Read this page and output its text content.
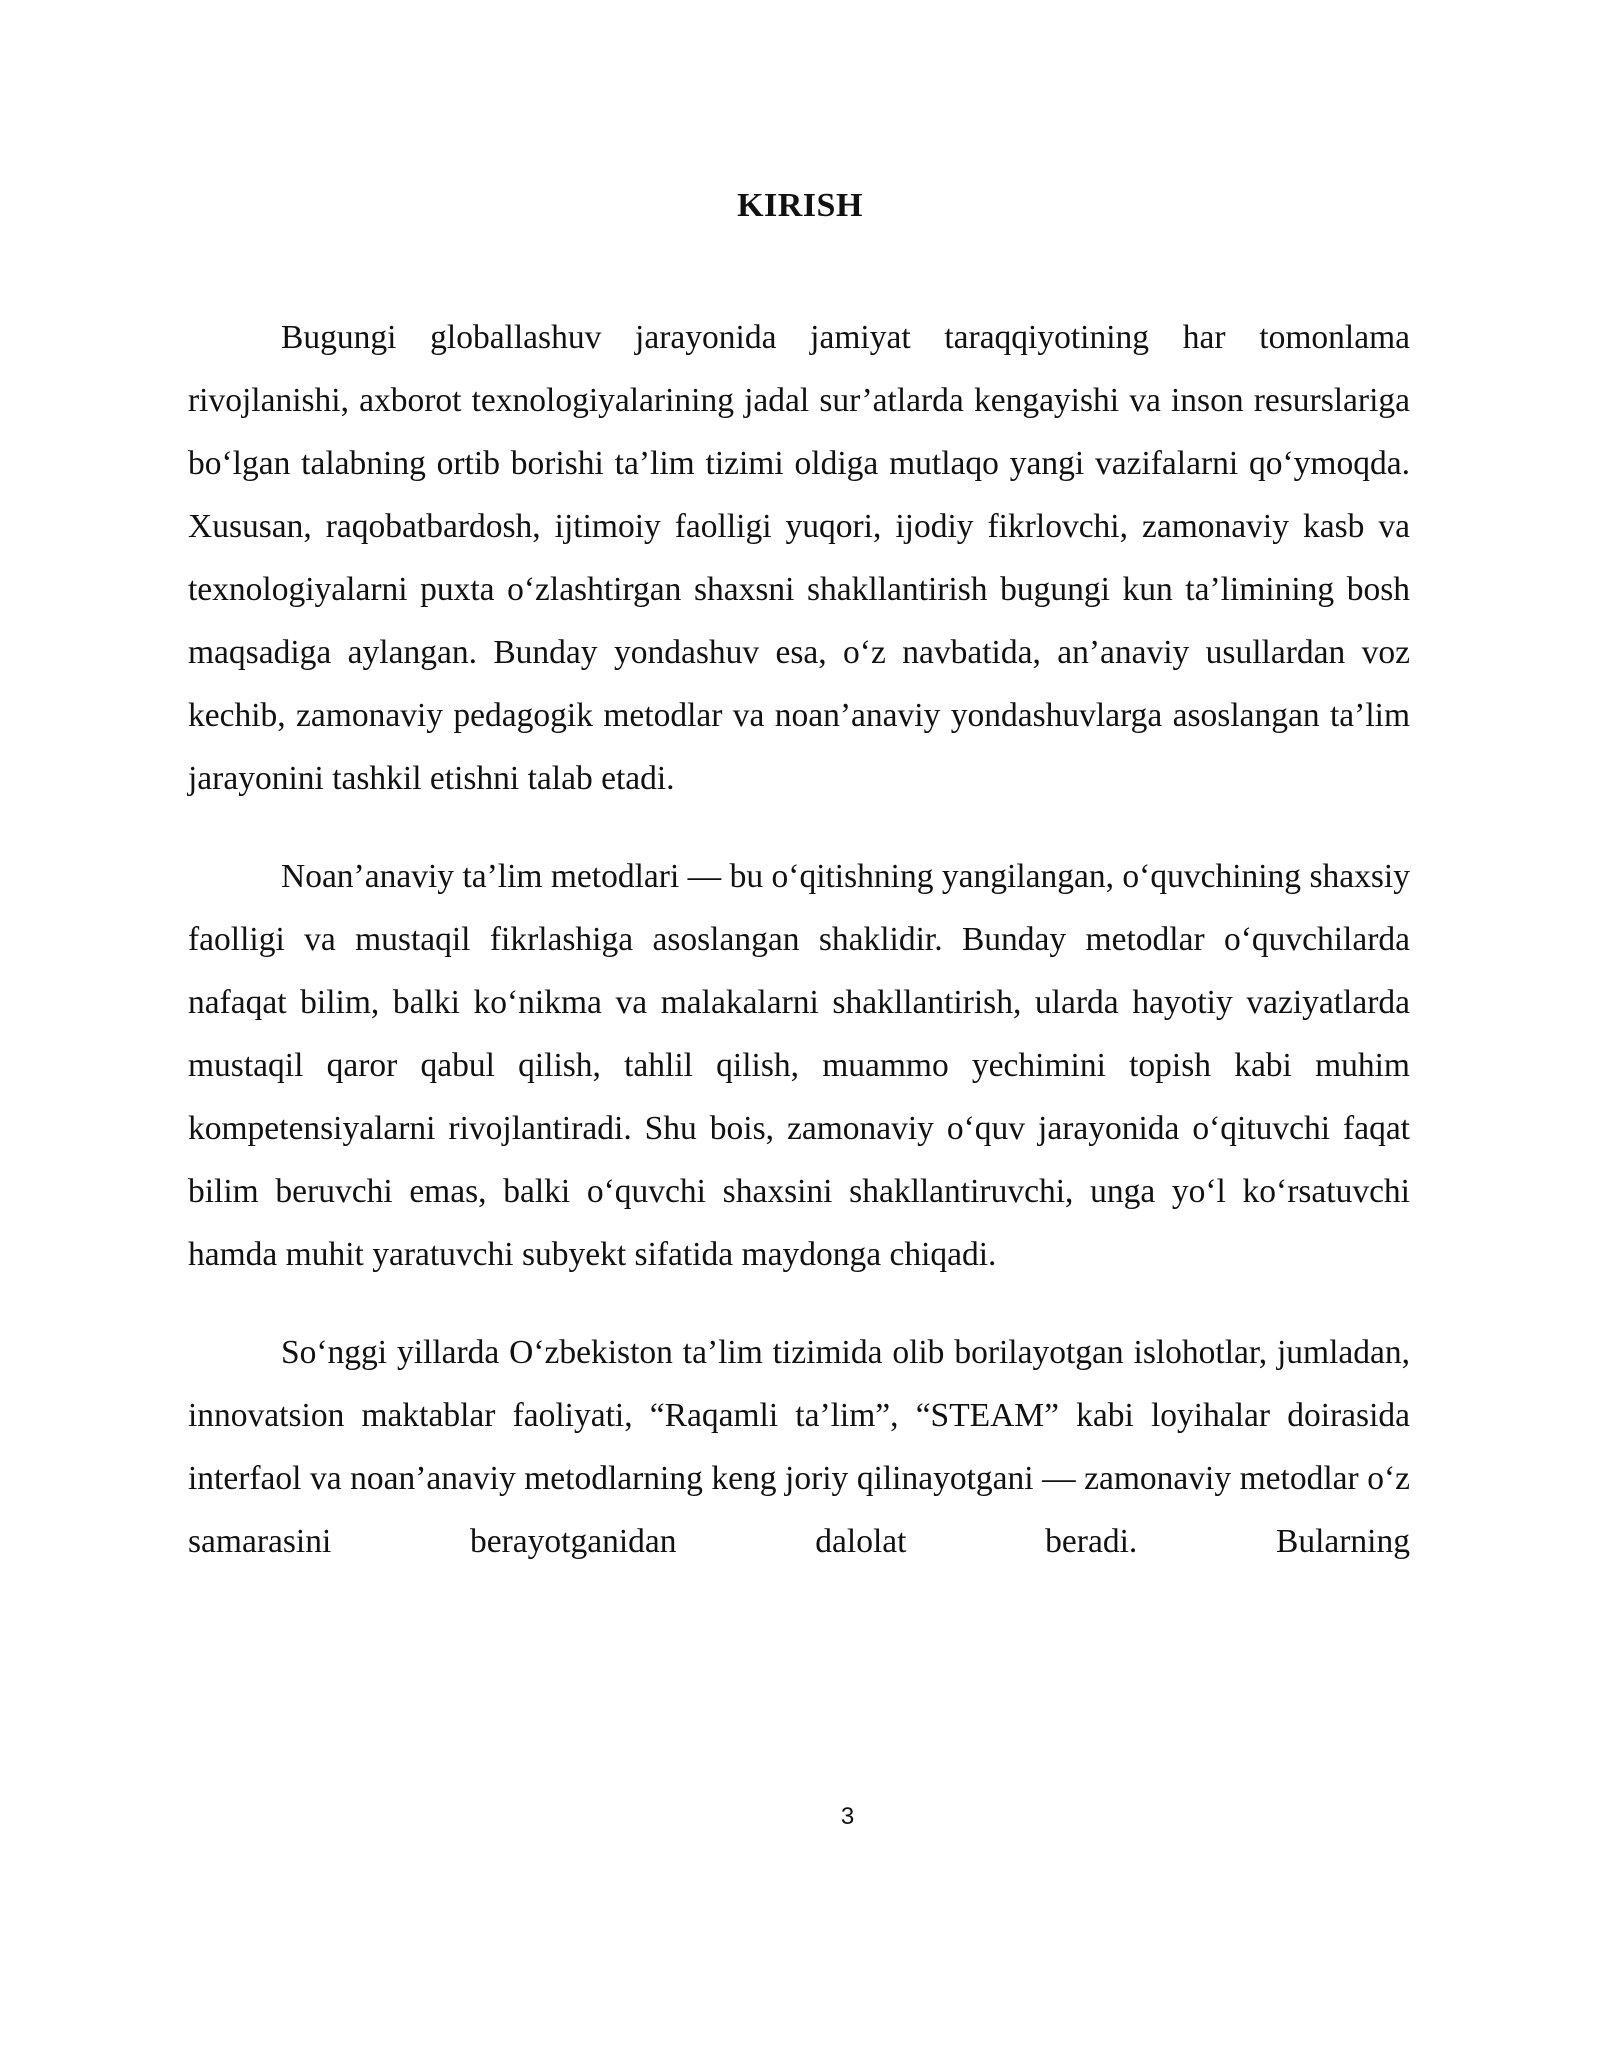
KIRISH

Bugungi globallashuv jarayonida jamiyat taraqqiyotining har tomonlama rivojlanishi, axborot texnologiyalarining jadal sur’atlarda kengayishi va inson resurslariga bo‘lgan talabning ortib borishi ta’lim tizimi oldiga mutlaqo yangi vazifalarni qo‘ymoqda. Xususan, raqobatbardosh, ijtimoiy faolligi yuqori, ijodiy fikrlovchi, zamonaviy kasb va texnologiyalarni puxta o‘zlashtirgan shaxsni shakllantirish bugungi kun ta’limining bosh maqsadiga aylangan. Bunday yondashuv esa, o‘z navbatida, an’anaviy usullardan voz kechib, zamonaviy pedagogik metodlar va noan’anaviy yondashuvlarga asoslangan ta’lim jarayonini tashkil etishni talab etadi.

Noan’anaviy ta’lim metodlari — bu o‘qitishning yangilangan, o‘quvchining shaxsiy faolligi va mustaqil fikrlashiga asoslangan shaklidir. Bunday metodlar o‘quvchilarda nafaqat bilim, balki ko‘nikma va malakalarni shakllantirish, ularda hayotiy vaziyatlarda mustaqil qaror qabul qilish, tahlil qilish, muammo yechimini topish kabi muhim kompetensiyalarni rivojlantiradi. Shu bois, zamonaviy o‘quv jarayonida o‘qituvchi faqat bilim beruvchi emas, balki o‘quvchi shaxsini shakllantiruvchi, unga yo‘l ko‘rsatuvchi hamda muhit yaratuvchi subyekt sifatida maydonga chiqadi.

So‘nggi yillarda O‘zbekiston ta’lim tizimida olib borilayotgan islohotlar, jumladan, innovatsion maktablar faoliyati, “Raqamli ta’lim”, “STEAM” kabi loyihalar doirasida interfaol va noan’anaviy metodlarning keng joriy qilinayotgani — zamonaviy metodlar o‘z samarasini berayotganidan dalolat beradi. Bularning

3
